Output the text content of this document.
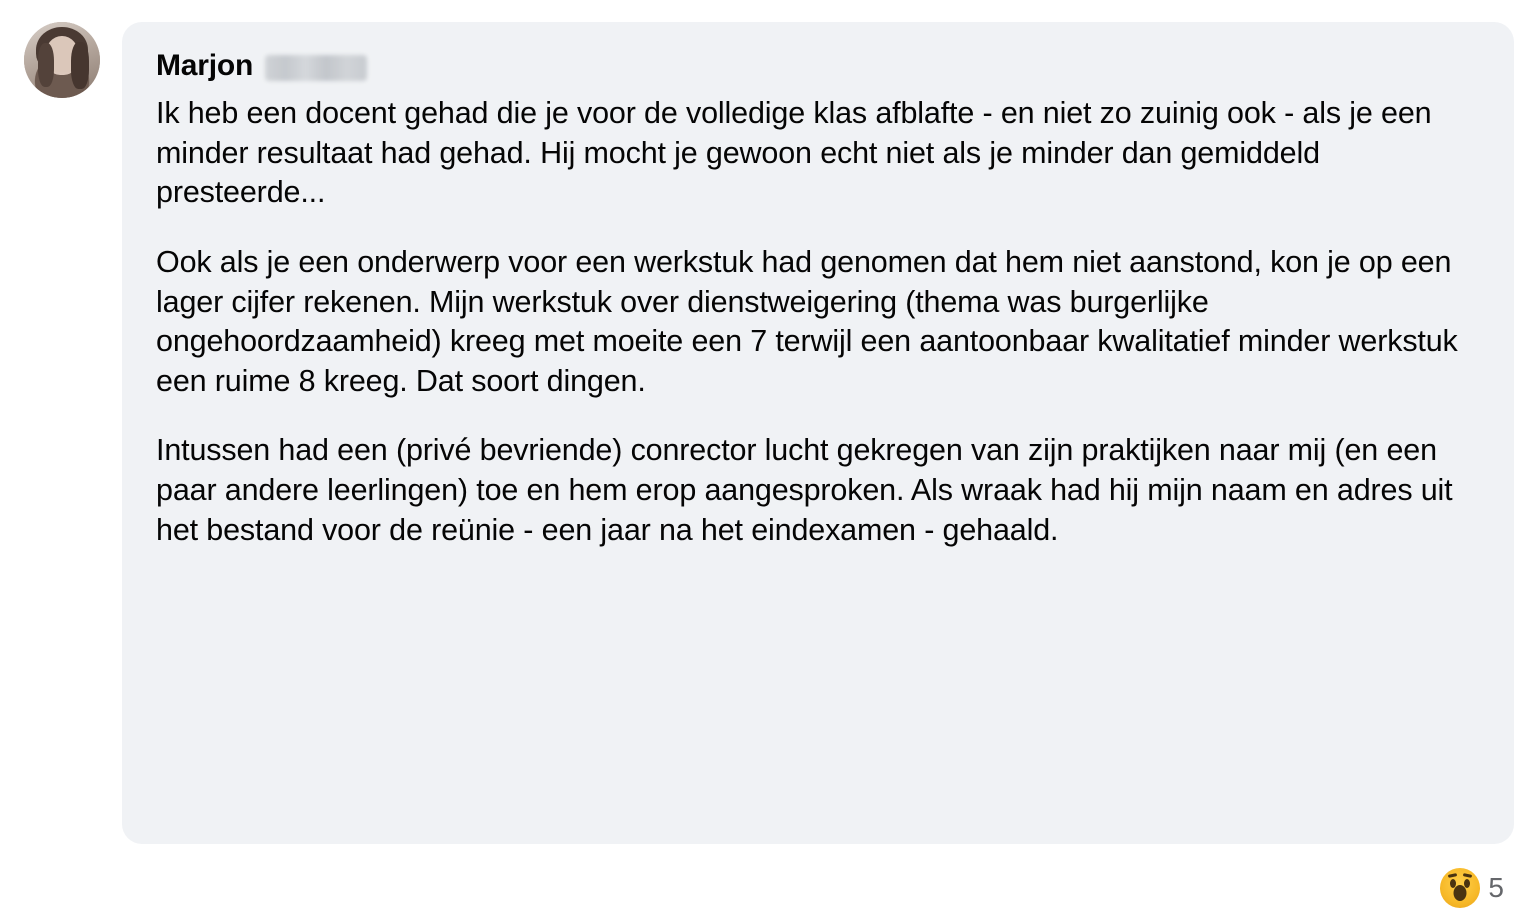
Marjon

Ik heb een docent gehad die je voor de volledige klas afblafte - en niet zo zuinig ook - als je een minder resultaat had gehad. Hij mocht je gewoon echt niet als je minder dan gemiddeld presteerde...

Ook als je een onderwerp voor een werkstuk had genomen dat hem niet aanstond, kon je op een lager cijfer rekenen. Mijn werkstuk over dienstweigering (thema was burgerlijke ongehoordzaamheid) kreeg met moeite een 7 terwijl een aantoonbaar kwalitatief minder werkstuk een ruime 8 kreeg. Dat soort dingen.

Intussen had een (privé bevriende) conrector lucht gekregen van zijn praktijken naar mij (en een paar andere leerlingen) toe en hem erop aangesproken. Als wraak had hij mijn naam en adres uit het bestand voor de reünie - een jaar na het eindexamen - gehaald.

5
